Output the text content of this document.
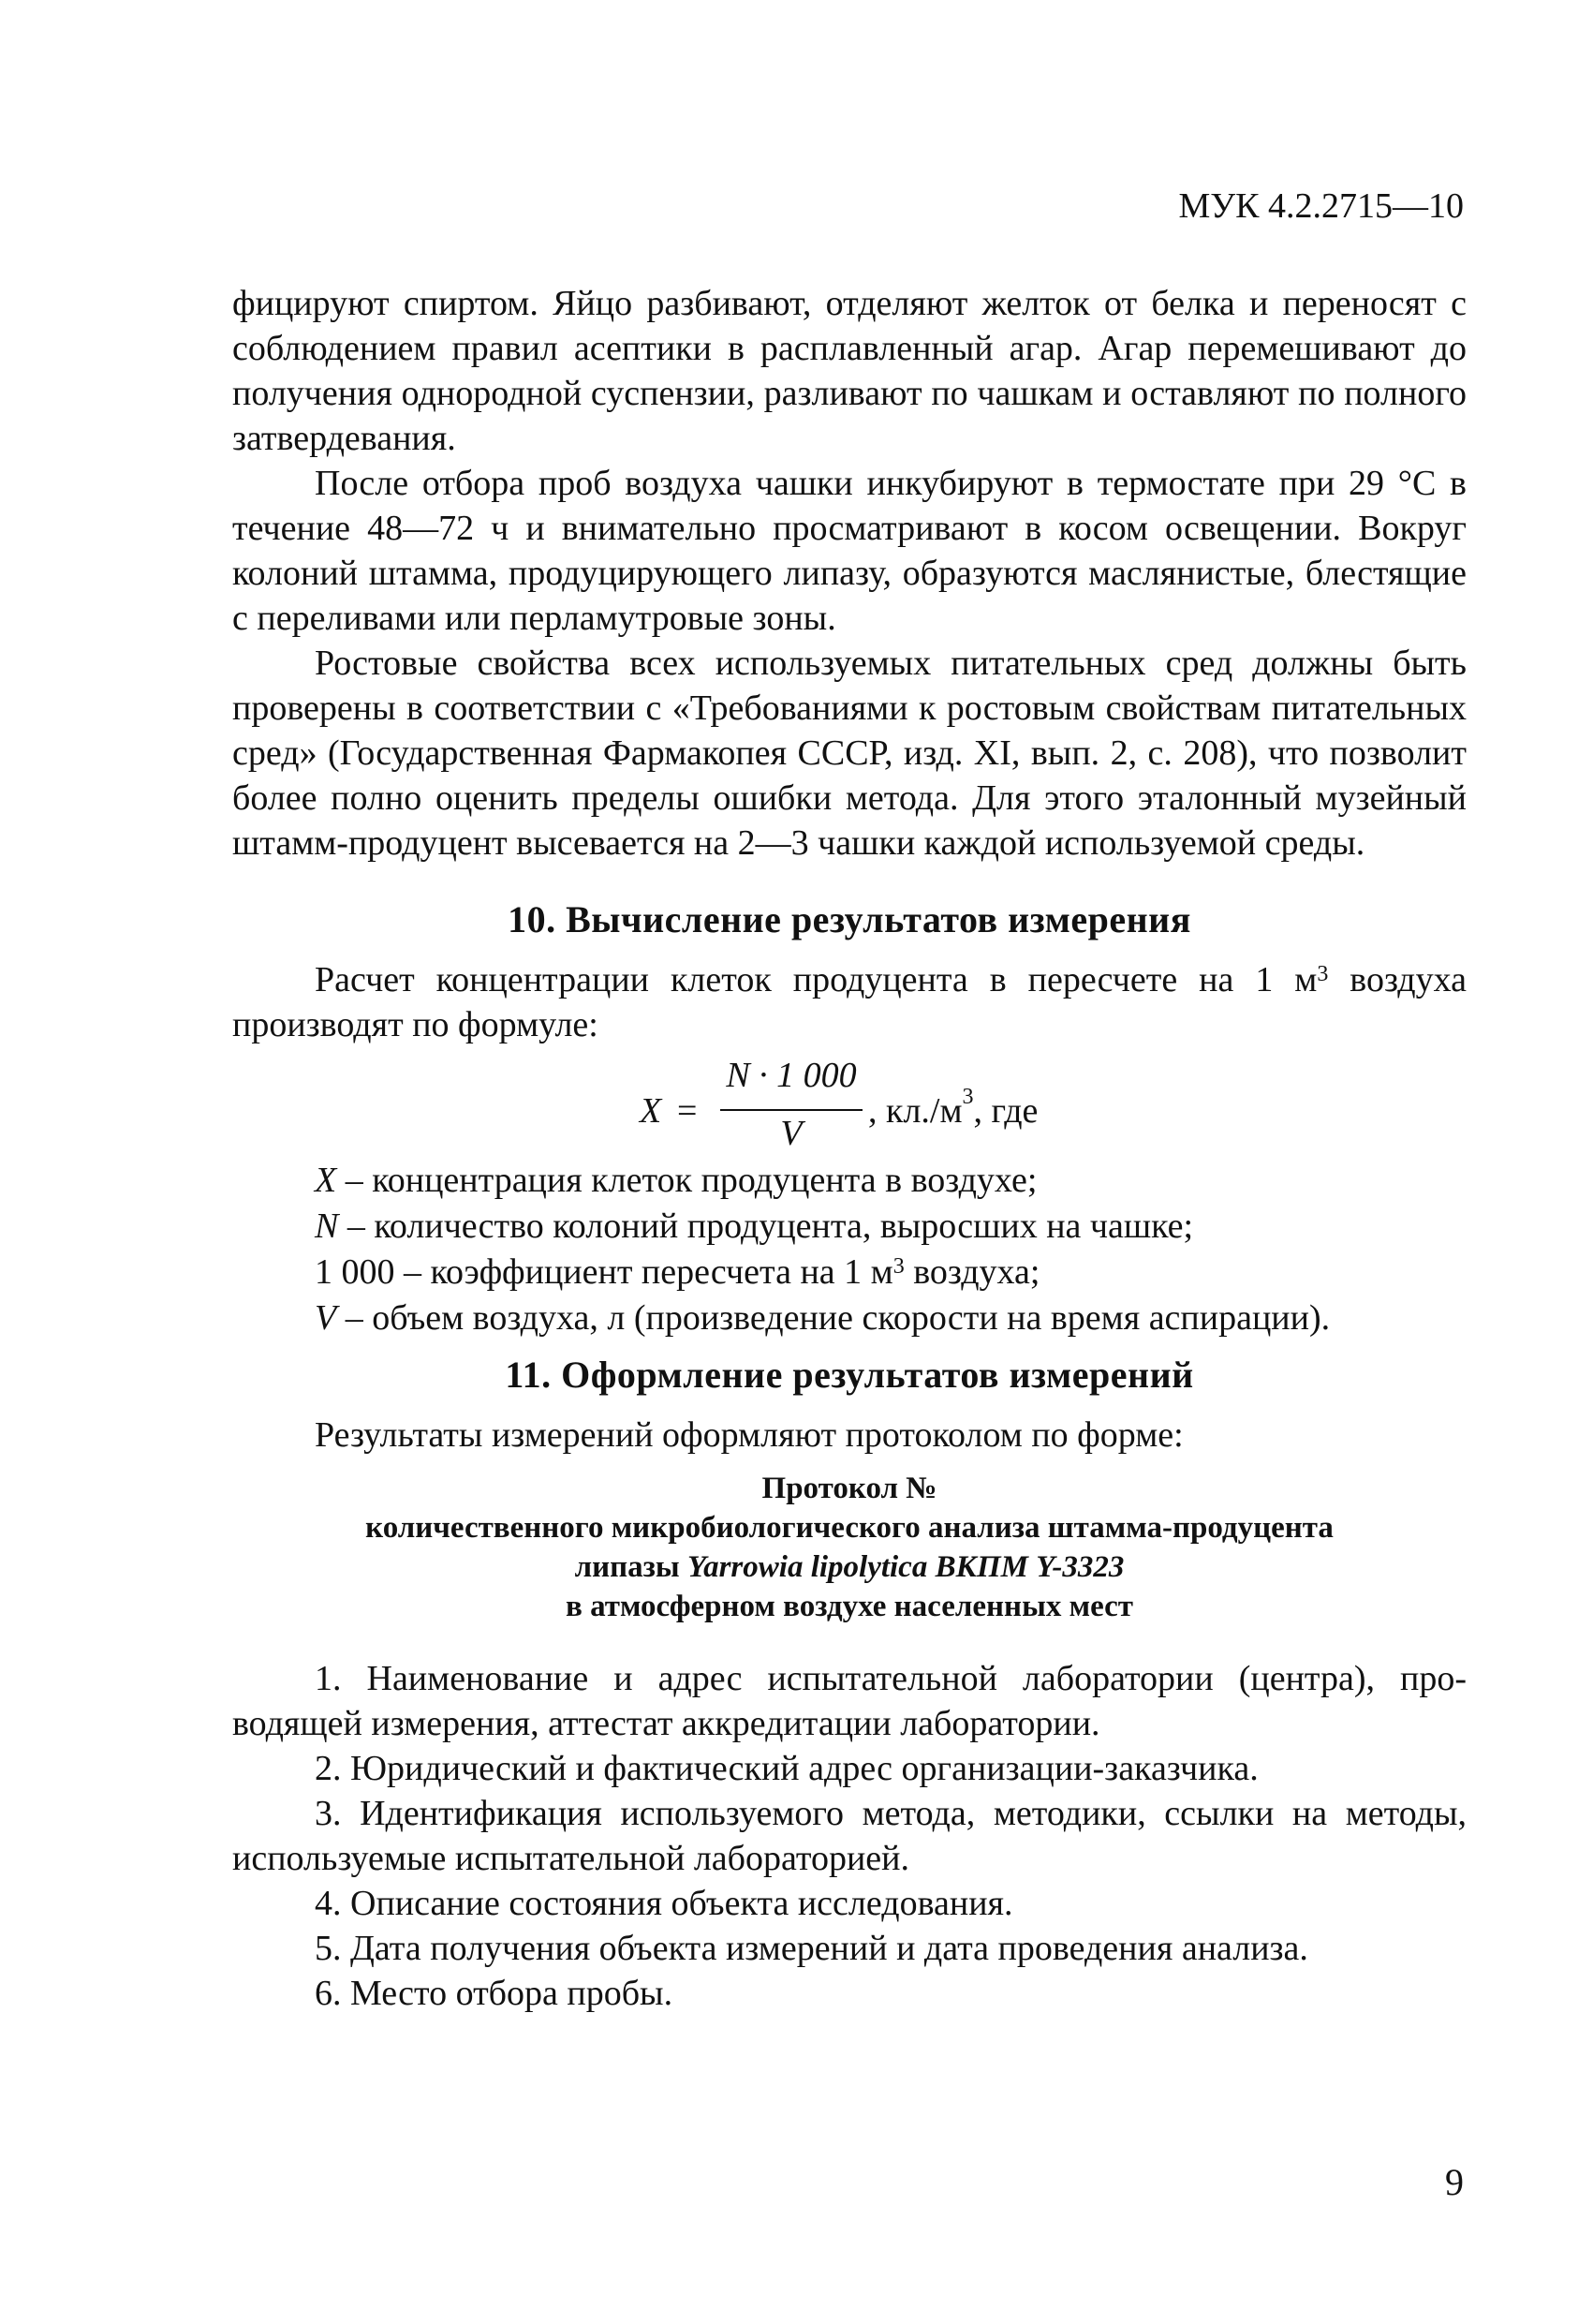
МУК 4.2.2715—10

фицируют спиртом. Яйцо разбивают, отделяют желток от белка и переносят с соблюдением правил асептики в расплавленный агар. Агар перемешивают до получения однородной суспензии, разливают по чашкам и оставляют по полного затвердевания.

После отбора проб воздуха чашки инкубируют в термостате при 29 °С в течение 48—72 ч и внимательно просматривают в косом освещении. Вокруг колоний штамма, продуцирующего липазу, образуются маслянистые, блестящие с переливами или перламутровые зоны.

Ростовые свойства всех используемых питательных сред должны быть проверены в соответствии с «Требованиями к ростовым свойствам питательных сред» (Государственная Фармакопея СССР, изд. XI, вып. 2, с. 208), что позволит более полно оценить пределы ошибки метода. Для этого эталонный музейный штамм-продуцент высевается на 2—3 чашки каждой используемой среды.

10. Вычисление результатов измерения

Расчет концентрации клеток продуцента в пересчете на 1 $м^3$ воздуха производят по формуле:

X =
N · 1 000
V
, $кл./м^3$, где
X – концентрация клеток продуцента в воздухе;
N – количество колоний продуцента, выросших на чашке;
1 000 – коэффициент пересчета на 1 $м^3$ воздуха;
V – объем воздуха, л (произведение скорости на время аспирации).
11. Оформление результатов измерений

Результаты измерений оформляют протоколом по форме:

Протокол №
количественного микробиологического анализа штамма-продуцента
липазы Yarrowia lipolytica ВКПМ Y-3323
в атмосферном воздухе населенных мест

1. Наименование и адрес испытательной лаборатории (центра), проводящей измерения, аттестат аккредитации лаборатории.

2. Юридический и фактический адрес организации-заказчика.

3. Идентификация используемого метода, методики, ссылки на методы, используемые испытательной лабораторией.

4. Описание состояния объекта исследования.

5. Дата получения объекта измерений и дата проведения анализа.

6. Место отбора пробы.

9
